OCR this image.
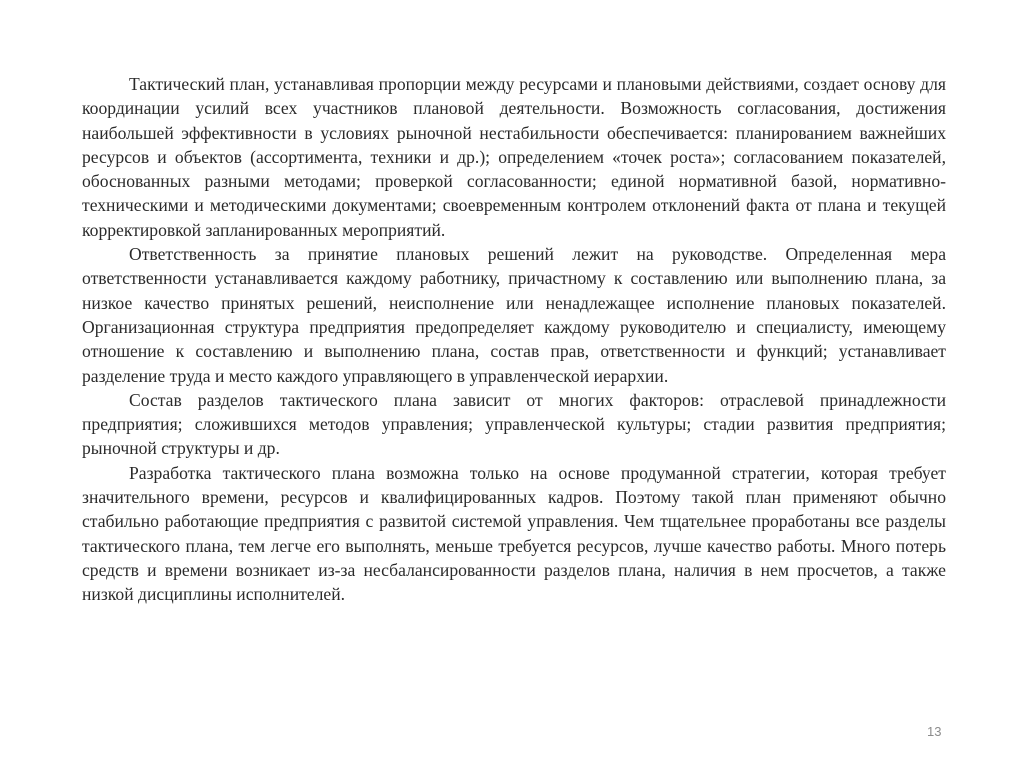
Тактический план, устанавливая пропорции между ресурсами и плановыми действиями, создает основу для координации усилий всех участников плановой деятельности. Возможность согласования, достижения наибольшей эффективности в условиях рыночной нестабильности обеспечивается: планированием важнейших ресурсов и объектов (ассортимента, техники и др.); определением «точек роста»; согласованием показателей, обоснованных разными методами; проверкой согласованности; единой нормативной базой, нормативно-техническими и методическими документами; своевременным контролем отклонений факта от плана и текущей корректировкой запланированных мероприятий.

Ответственность за принятие плановых решений лежит на руководстве. Определенная мера ответственности устанавливается каждому работнику, причастному к составлению или выполнению плана, за низкое качество принятых решений, неисполнение или ненадлежащее исполнение плановых показателей. Организационная структура предприятия предопределяет каждому руководителю и специалисту, имеющему отношение к составлению и выполнению плана, состав прав, ответственности и функций; устанавливает разделение труда и место каждого управляющего в управленческой иерархии.

Состав разделов тактического плана зависит от многих факторов: отраслевой принадлежности предприятия; сложившихся методов управления; управленческой культуры; стадии развития предприятия; рыночной структуры и др.

Разработка тактического плана возможна только на основе продуманной стратегии, которая требует значительного времени, ресурсов и квалифицированных кадров. Поэтому такой план применяют обычно стабильно работающие предприятия с развитой системой управления. Чем тщательнее проработаны все разделы тактического плана, тем легче его выполнять, меньше требуется ресурсов, лучше качество работы. Много потерь средств и времени возникает из-за несбалансированности разделов плана, наличия в нем просчетов, а также низкой дисциплины исполнителей.

13
